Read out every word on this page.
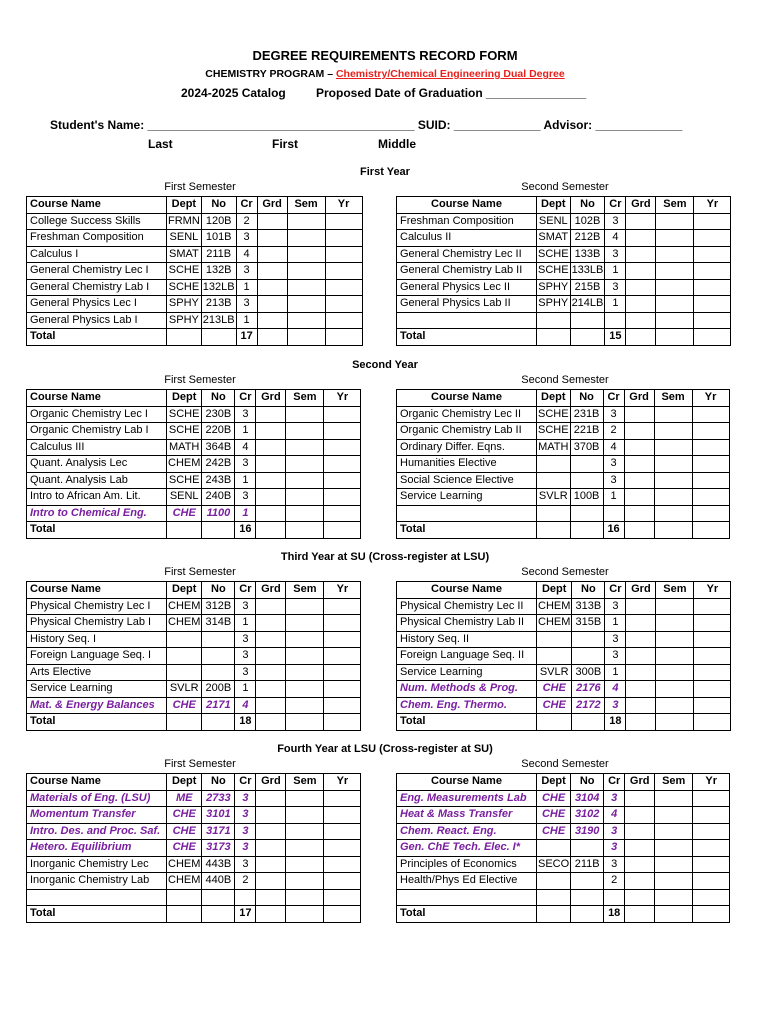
DEGREE REQUIREMENTS RECORD FORM
CHEMISTRY PROGRAM – Chemistry/Chemical Engineering Dual Degree
2024-2025 Catalog	Proposed Date of Graduation _______________
Student's Name: ________________________________________ SUID: _____________ Advisor: _____________
Last	First	Middle
First Year
First Semester
Course Name	Dept	No	Cr	Grd	Sem	Yr
College Success Skills	FRMN	120B	2			
Freshman Composition	SENL	101B	3			
Calculus I	SMAT	211B	4			
General Chemistry Lec I	SCHE	132B	3			
General Chemistry Lab I	SCHE	132LB	1			
General Physics Lec I	SPHY	213B	3			
General Physics Lab I	SPHY	213LB	1			
Total			17			
Second Semester
Course Name	Dept	No	Cr	Grd	Sem	Yr
Freshman Composition	SENL	102B	3			
Calculus II	SMAT	212B	4			
General Chemistry Lec II	SCHE	133B	3			
General Chemistry Lab II	SCHE	133LB	1			
General Physics Lec II	SPHY	215B	3			
General Physics Lab II	SPHY	214LB	1			

Total			15			
Second Year
First Semester
Course Name	Dept	No	Cr	Grd	Sem	Yr
Organic Chemistry Lec I	SCHE	230B	3			
Organic Chemistry Lab I	SCHE	220B	1			
Calculus III	MATH	364B	4			
Quant. Analysis Lec	CHEM	242B	3			
Quant. Analysis Lab	SCHE	243B	1			
Intro to African Am. Lit.	SENL	240B	3			
Intro to Chemical Eng.	CHE	1100	1			
Total			16			
Second Semester
Course Name	Dept	No	Cr	Grd	Sem	Yr
Organic Chemistry Lec II	SCHE	231B	3			
Organic Chemistry Lab II	SCHE	221B	2			
Ordinary Differ. Eqns.	MATH	370B	4			
Humanities Elective			3			
Social Science Elective			3			
Service Learning	SVLR	100B	1			

Total			16			
Third Year at SU (Cross-register at LSU)
First Semester
Course Name	Dept	No	Cr	Grd	Sem	Yr
Physical Chemistry Lec I	CHEM	312B	3			
Physical Chemistry Lab I	CHEM	314B	1			
History Seq. I			3			
Foreign Language Seq. I			3			
Arts Elective			3			
Service Learning	SVLR	200B	1			
Mat. & Energy Balances	CHE	2171	4			
Total			18			
Second Semester
Course Name	Dept	No	Cr	Grd	Sem	Yr
Physical Chemistry Lec II	CHEM	313B	3			
Physical Chemistry Lab II	CHEM	315B	1			
History Seq. II			3			
Foreign Language Seq. II			3			
Service Learning	SVLR	300B	1			
Num. Methods & Prog.	CHE	2176	4			
Chem. Eng. Thermo.	CHE	2172	3			
Total			18			
Fourth Year at LSU (Cross-register at SU)
First Semester
Course Name	Dept	No	Cr	Grd	Sem	Yr
Materials of Eng. (LSU)	ME	2733	3			
Momentum Transfer	CHE	3101	3			
Intro. Des. and Proc. Saf.	CHE	3171	3			
Hetero. Equilibrium	CHE	3173	3			
Inorganic Chemistry Lec	CHEM	443B	3			
Inorganic Chemistry Lab	CHEM	440B	2			

Total			17			
Second Semester
Course Name	Dept	No	Cr	Grd	Sem	Yr
Eng. Measurements Lab	CHE	3104	3			
Heat & Mass Transfer	CHE	3102	4			
Chem. React. Eng.	CHE	3190	3			
Gen. ChE Tech. Elec. I*			3			
Principles of Economics	SECO	211B	3			
Health/Phys Ed Elective			2			

Total			18			
